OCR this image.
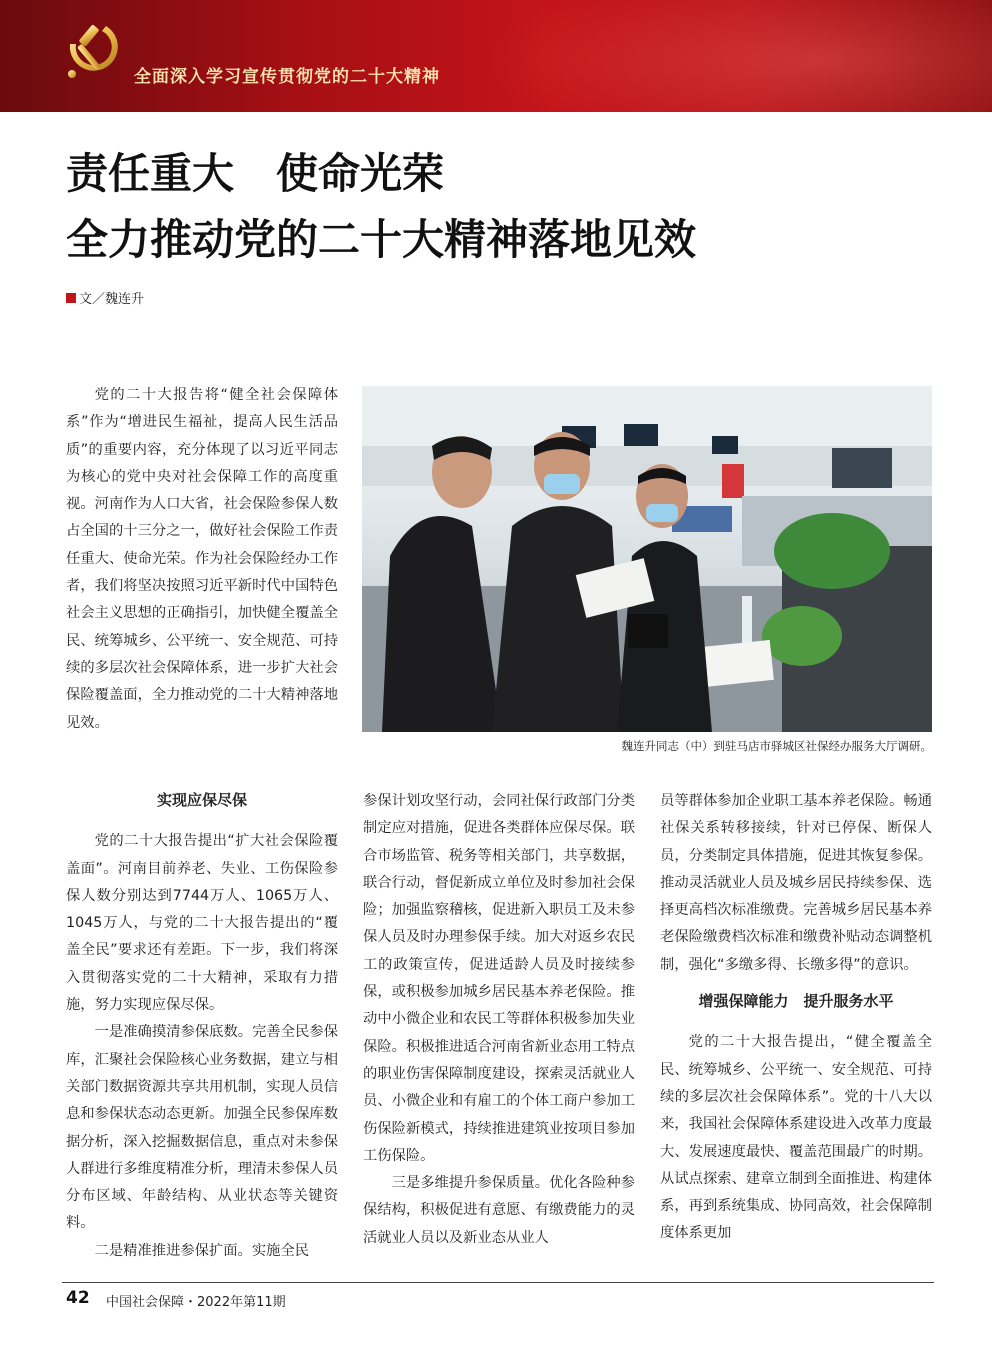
全面深入学习宣传贯彻党的二十大精神
责任重大　使命光荣
全力推动党的二十大精神落地见效
文／魏连升

党的二十大报告将“健全社会保障体系”作为“增进民生福祉，提高人民生活品质”的重要内容，充分体现了以习近平同志为核心的党中央对社会保障工作的高度重视。河南作为人口大省，社会保险参保人数占全国的十三分之一，做好社会保险工作责任重大、使命光荣。作为社会保险经办工作者，我们将坚决按照习近平新时代中国特色社会主义思想的正确指引，加快健全覆盖全民、统筹城乡、公平统一、安全规范、可持续的多层次社会保障体系，进一步扩大社会保险覆盖面，全力推动党的二十大精神落地见效。

魏连升同志（中）到驻马店市驿城区社保经办服务大厅调研。

实现应保尽保

党的二十大报告提出“扩大社会保险覆盖面”。河南目前养老、失业、工伤保险参保人数分别达到7744万人、1065万人、1045万人，与党的二十大报告提出的“覆盖全民”要求还有差距。下一步，我们将深入贯彻落实党的二十大精神，采取有力措施，努力实现应保尽保。

一是准确摸清参保底数。完善全民参保库，汇聚社会保险核心业务数据，建立与相关部门数据资源共享共用机制，实现人员信息和参保状态动态更新。加强全民参保库数据分析，深入挖掘数据信息，重点对未参保人群进行多维度精准分析，理清未参保人员分布区域、年龄结构、从业状态等关键资料。

二是精准推进参保扩面。实施全民

参保计划攻坚行动，会同社保行政部门分类制定应对措施，促进各类群体应保尽保。联合市场监管、税务等相关部门，共享数据，联合行动，督促新成立单位及时参加社会保险；加强监察稽核，促进新入职员工及未参保人员及时办理参保手续。加大对返乡农民工的政策宣传，促进适龄人员及时接续参保，或积极参加城乡居民基本养老保险。推动中小微企业和农民工等群体积极参加失业保险。积极推进适合河南省新业态用工特点的职业伤害保障制度建设，探索灵活就业人员、小微企业和有雇工的个体工商户参加工伤保险新模式，持续推进建筑业按项目参加工伤保险。

三是多维提升参保质量。优化各险种参保结构，积极促进有意愿、有缴费能力的灵活就业人员以及新业态从业人

员等群体参加企业职工基本养老保险。畅通社保关系转移接续，针对已停保、断保人员，分类制定具体措施，促进其恢复参保。推动灵活就业人员及城乡居民持续参保、选择更高档次标准缴费。完善城乡居民基本养老保险缴费档次标准和缴费补贴动态调整机制，强化“多缴多得、长缴多得”的意识。

增强保障能力　提升服务水平

党的二十大报告提出，“健全覆盖全民、统筹城乡、公平统一、安全规范、可持续的多层次社会保障体系”。党的十八大以来，我国社会保障体系建设进入改革力度最大、发展速度最快、覆盖范围最广的时期。从试点探索、建章立制到全面推进、构建体系，再到系统集成、协同高效，社会保障制度体系更加

42 中国社会保障・2022年第11期
